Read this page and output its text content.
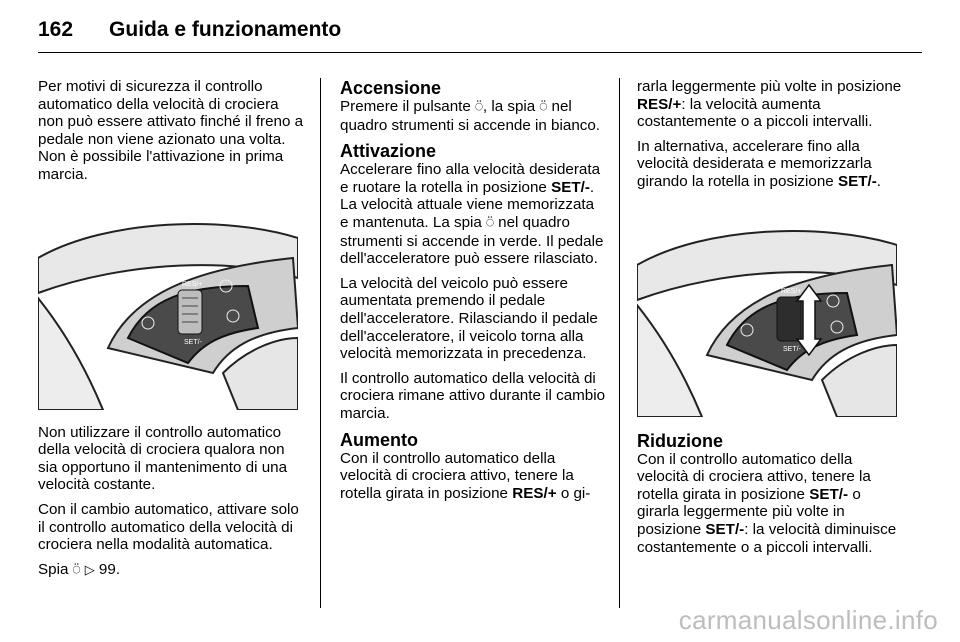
162 Guida e funzionamento

Per motivi di sicurezza il controllo automatico della velocità di crociera non può essere attivato finché il freno a pedale non viene azionato una volta. Non è possibile l'attivazione in prima marcia.

RES/+
SET/-

Non utilizzare il controllo automatico della velocità di crociera qualora non sia opportuno il mantenimento di una velocità costante.

Con il cambio automatico, attivare solo il controllo automatico della velocità di crociera nella modalità automatica.

Spia ⍥ ▷ 99.

Accensione

Premere il pulsante ⍥, la spia ⍥ nel quadro strumenti si accende in bianco.

Attivazione

Accelerare fino alla velocità desiderata e ruotare la rotella in posizione SET/-. La velocità attuale viene memorizzata e mantenuta. La spia ⍥ nel quadro strumenti si accende in verde. Il pedale dell'acceleratore può essere rilasciato.

La velocità del veicolo può essere aumentata premendo il pedale dell'acceleratore. Rilasciando il pedale dell'acceleratore, il veicolo torna alla velocità memorizzata in precedenza.

Il controllo automatico della velocità di crociera rimane attivo durante il cambio marcia.

Aumento

Con il controllo automatico della velocità di crociera attivo, tenere la rotella girata in posizione RES/+ o gi-

rarla leggermente più volte in posizione RES/+: la velocità aumenta costantemente o a piccoli intervalli.

In alternativa, accelerare fino alla velocità desiderata e memorizzarla girando la rotella in posizione SET/-.

RES/+
SET/-
Riduzione

Con il controllo automatico della velocità di crociera attivo, tenere la rotella girata in posizione SET/- o girarla leggermente più volte in posizione SET/-: la velocità diminuisce costantemente o a piccoli intervalli.

carmanualsonline.info
